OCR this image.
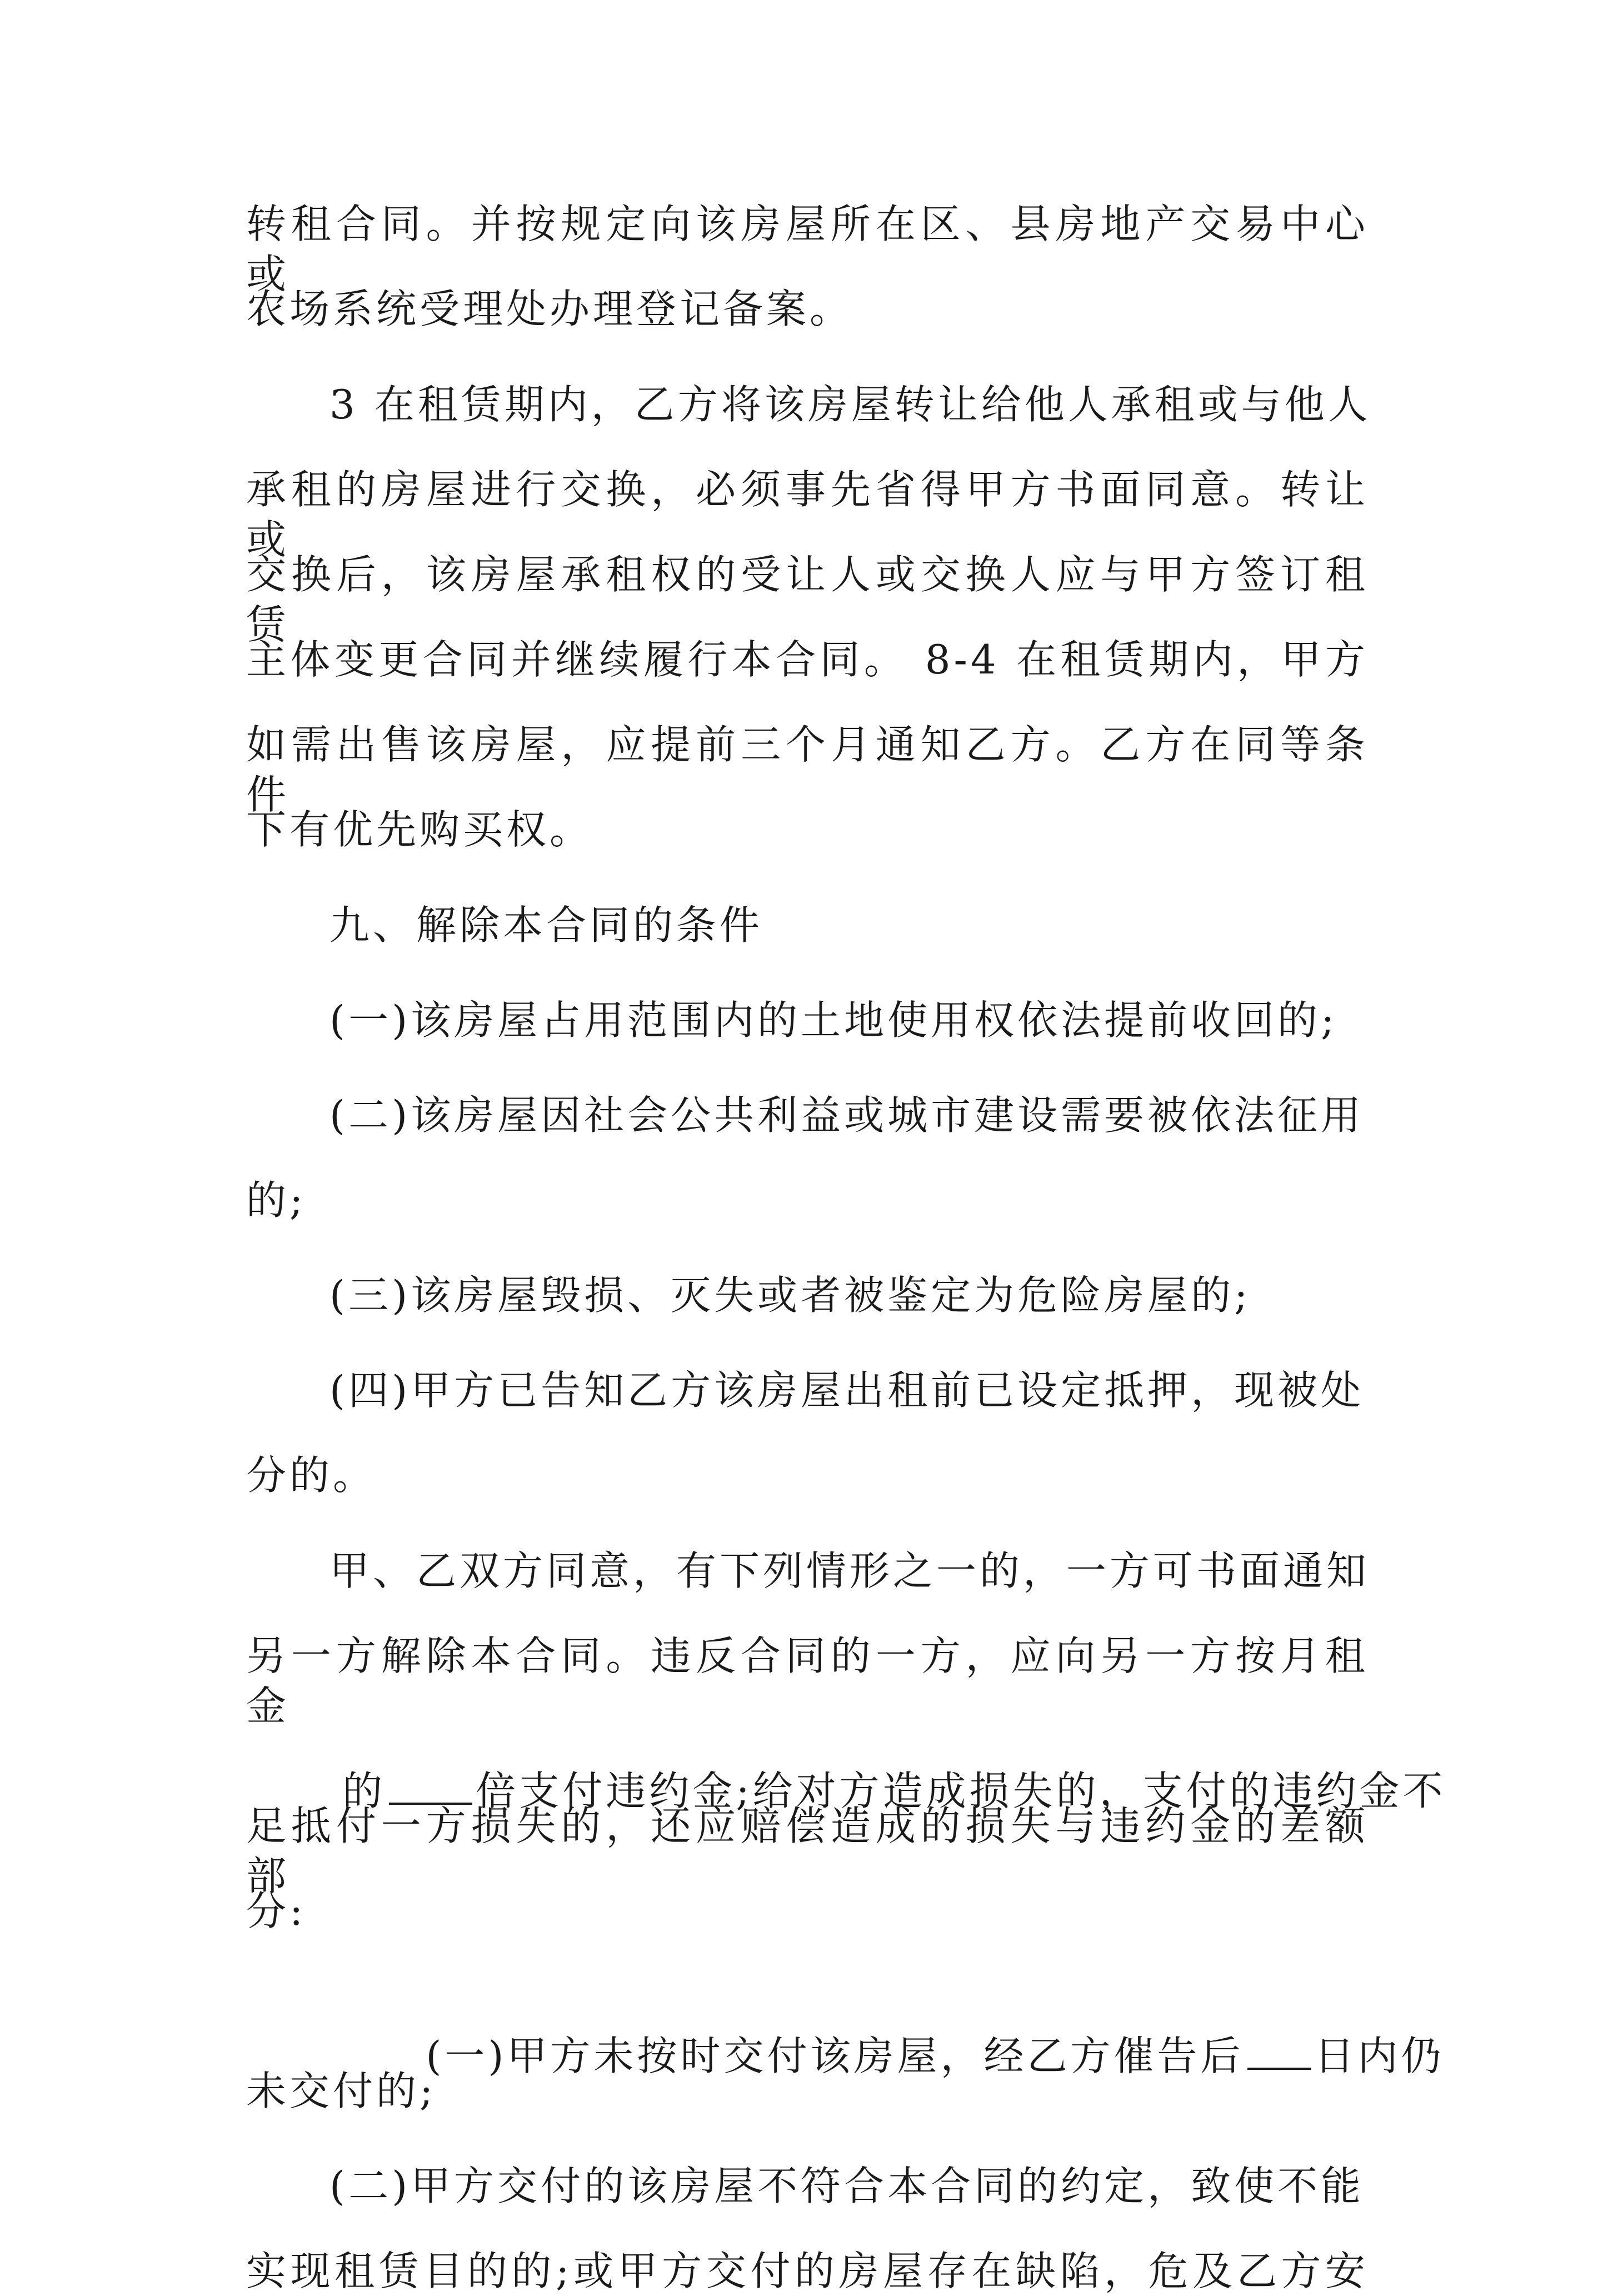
转租合同。并按规定向该房屋所在区、县房地产交易中心或
农场系统受理处办理登记备案。
3 在租赁期内，乙方将该房屋转让给他人承租或与他人
承租的房屋进行交换，必须事先省得甲方书面同意。转让或
交换后，该房屋承租权的受让人或交换人应与甲方签订租赁
主体变更合同并继续履行本合同。 8-4 在租赁期内，甲方
如需出售该房屋，应提前三个月通知乙方。乙方在同等条件
下有优先购买权。
九、解除本合同的条件
(一)该房屋占用范围内的土地使用权依法提前收回的;
(二)该房屋因社会公共利益或城市建设需要被依法征用
的;
(三)该房屋毁损、灭失或者被鉴定为危险房屋的;
(四)甲方已告知乙方该房屋出租前已设定抵押，现被处
分的。
甲、乙双方同意，有下列情形之一的，一方可书面通知
另一方解除本合同。违反合同的一方，应向另一方按月租金

的 倍支付违约金;给对方造成损失的，支付的违约金不

足抵付一方损失的，还应赔偿造成的损失与违约金的差额部
分:

(一)甲方未按时交付该房屋，经乙方催告后 日内仍

未交付的;
(二)甲方交付的该房屋不符合本合同的约定，致使不能
实现租赁目的的;或甲方交付的房屋存在缺陷，危及乙方安
